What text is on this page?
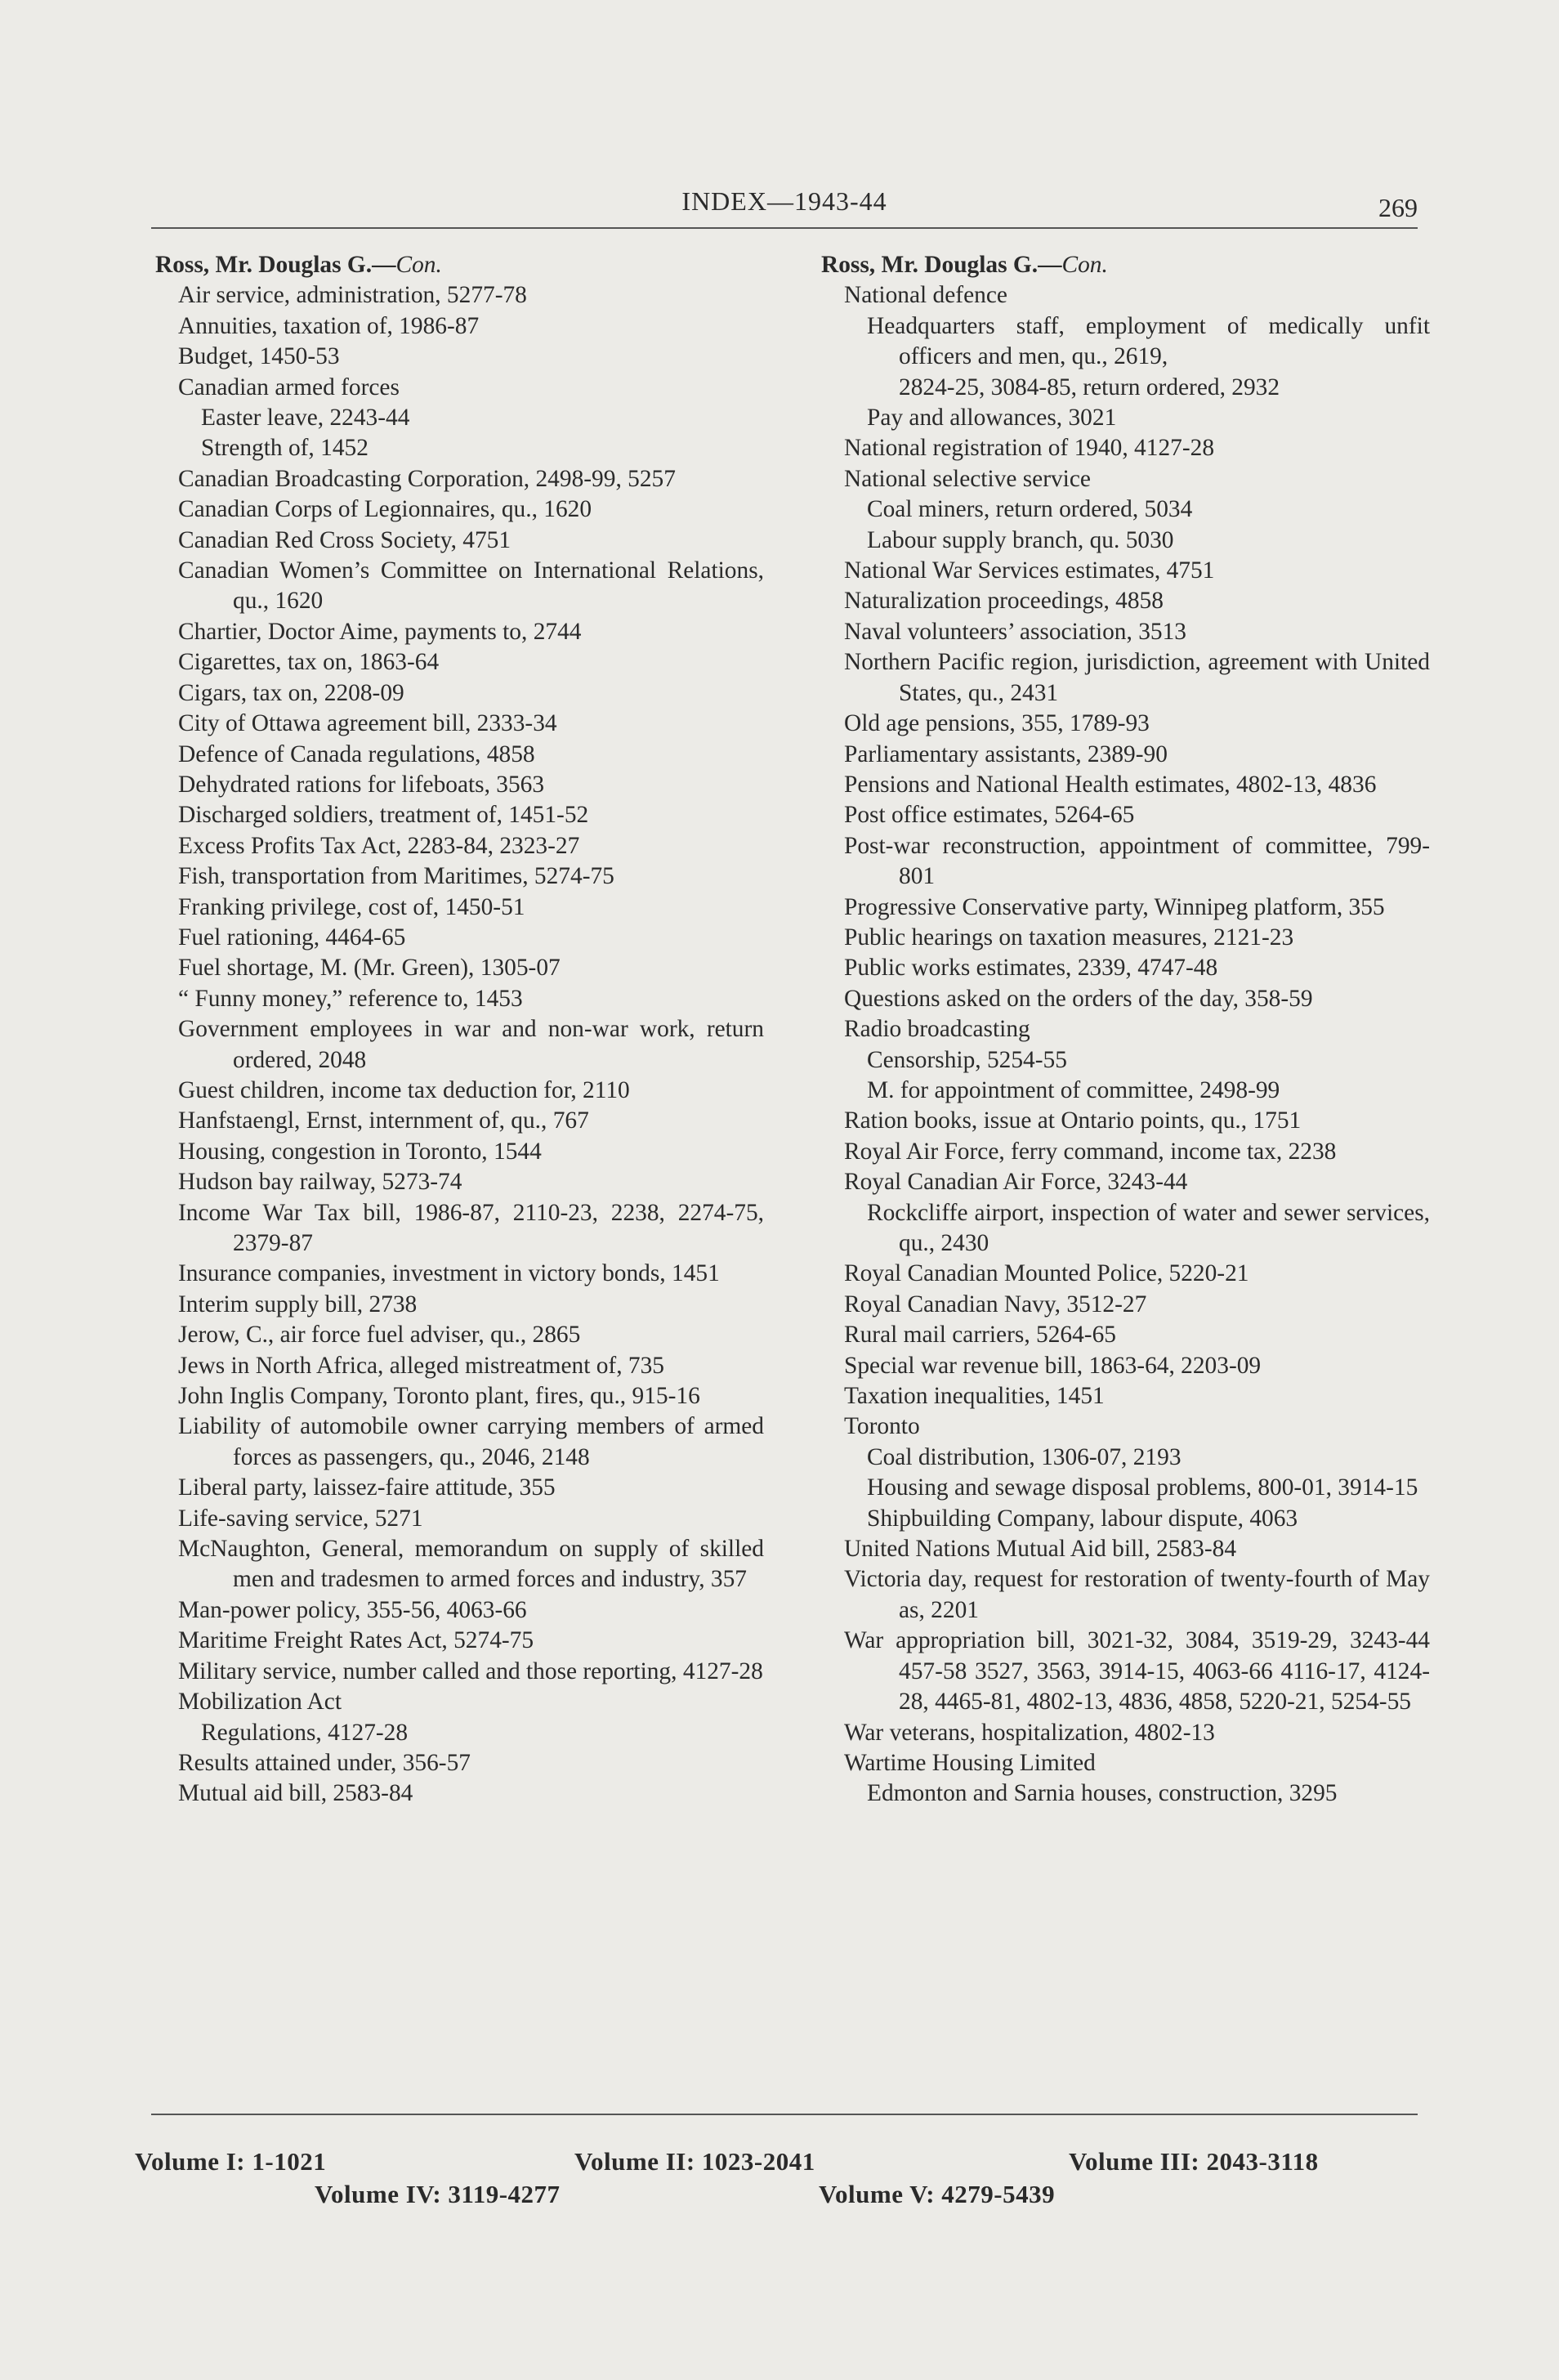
INDEX—1943-44	269
Ross, Mr. Douglas G.—Con.
Air service, administration, 5277-78
Annuities, taxation of, 1986-87
Budget, 1450-53
Canadian armed forces
Easter leave, 2243-44
Strength of, 1452
Canadian Broadcasting Corporation, 2498-99, 5257
Canadian Corps of Legionnaires, qu., 1620
Canadian Red Cross Society, 4751
Canadian Women’s Committee on International Relations, qu., 1620
Chartier, Doctor Aime, payments to, 2744
Cigarettes, tax on, 1863-64
Cigars, tax on, 2208-09
City of Ottawa agreement bill, 2333-34
Defence of Canada regulations, 4858
Dehydrated rations for lifeboats, 3563
Discharged soldiers, treatment of, 1451-52
Excess Profits Tax Act, 2283-84, 2323-27
Fish, transportation from Maritimes, 5274-75
Franking privilege, cost of, 1450-51
Fuel rationing, 4464-65
Fuel shortage, M. (Mr. Green), 1305-07
“ Funny money,” reference to, 1453
Government employees in war and non-war work, return ordered, 2048
Guest children, income tax deduction for, 2110
Hanfstaengl, Ernst, internment of, qu., 767
Housing, congestion in Toronto, 1544
Hudson bay railway, 5273-74
Income War Tax bill, 1986-87, 2110-23, 2238, 2274-75, 2379-87
Insurance companies, investment in victory bonds, 1451
Interim supply bill, 2738
Jerow, C., air force fuel adviser, qu., 2865
Jews in North Africa, alleged mistreatment of, 735
John Inglis Company, Toronto plant, fires, qu., 915-16
Liability of automobile owner carrying members of armed forces as passengers, qu., 2046, 2148
Liberal party, laissez-faire attitude, 355
Life-saving service, 5271
McNaughton, General, memorandum on supply of skilled men and tradesmen to armed forces and industry, 357
Man-power policy, 355-56, 4063-66
Maritime Freight Rates Act, 5274-75
Military service, number called and those reporting, 4127-28
Mobilization Act
Regulations, 4127-28
Results attained under, 356-57
Mutual aid bill, 2583-84
Ross, Mr. Douglas G.—Con.
National defence
Headquarters staff, employment of medically unfit officers and men, qu., 2619,
2824-25, 3084-85, return ordered, 2932
Pay and allowances, 3021
National registration of 1940, 4127-28
National selective service
Coal miners, return ordered, 5034
Labour supply branch, qu. 5030
National War Services estimates, 4751
Naturalization proceedings, 4858
Naval volunteers’ association, 3513
Northern Pacific region, jurisdiction, agreement with United States, qu., 2431
Old age pensions, 355, 1789-93
Parliamentary assistants, 2389-90
Pensions and National Health estimates, 4802-13, 4836
Post office estimates, 5264-65
Post-war reconstruction, appointment of committee, 799-801
Progressive Conservative party, Winnipeg platform, 355
Public hearings on taxation measures, 2121-23
Public works estimates, 2339, 4747-48
Questions asked on the orders of the day, 358-59
Radio broadcasting
Censorship, 5254-55
M. for appointment of committee, 2498-99
Ration books, issue at Ontario points, qu., 1751
Royal Air Force, ferry command, income tax, 2238
Royal Canadian Air Force, 3243-44
Rockcliffe airport, inspection of water and sewer services, qu., 2430
Royal Canadian Mounted Police, 5220-21
Royal Canadian Navy, 3512-27
Rural mail carriers, 5264-65
Special war revenue bill, 1863-64, 2203-09
Taxation inequalities, 1451
Toronto
Coal distribution, 1306-07, 2193
Housing and sewage disposal problems, 800-01, 3914-15
Shipbuilding Company, labour dispute, 4063
United Nations Mutual Aid bill, 2583-84
Victoria day, request for restoration of twenty-fourth of May as, 2201
War appropriation bill, 3021-32, 3084, 3519-29, 3243-44 457-58 3527, 3563, 3914-15, 4063-66 4116-17, 4124-28, 4465-81, 4802-13, 4836, 4858, 5220-21, 5254-55
War veterans, hospitalization, 4802-13
Wartime Housing Limited
Edmonton and Sarnia houses, construction, 3295
Volume I: 1-1021	Volume II: 1023-2041	Volume III: 2043-3118
Volume IV: 3119-4277	Volume V: 4279-5439
